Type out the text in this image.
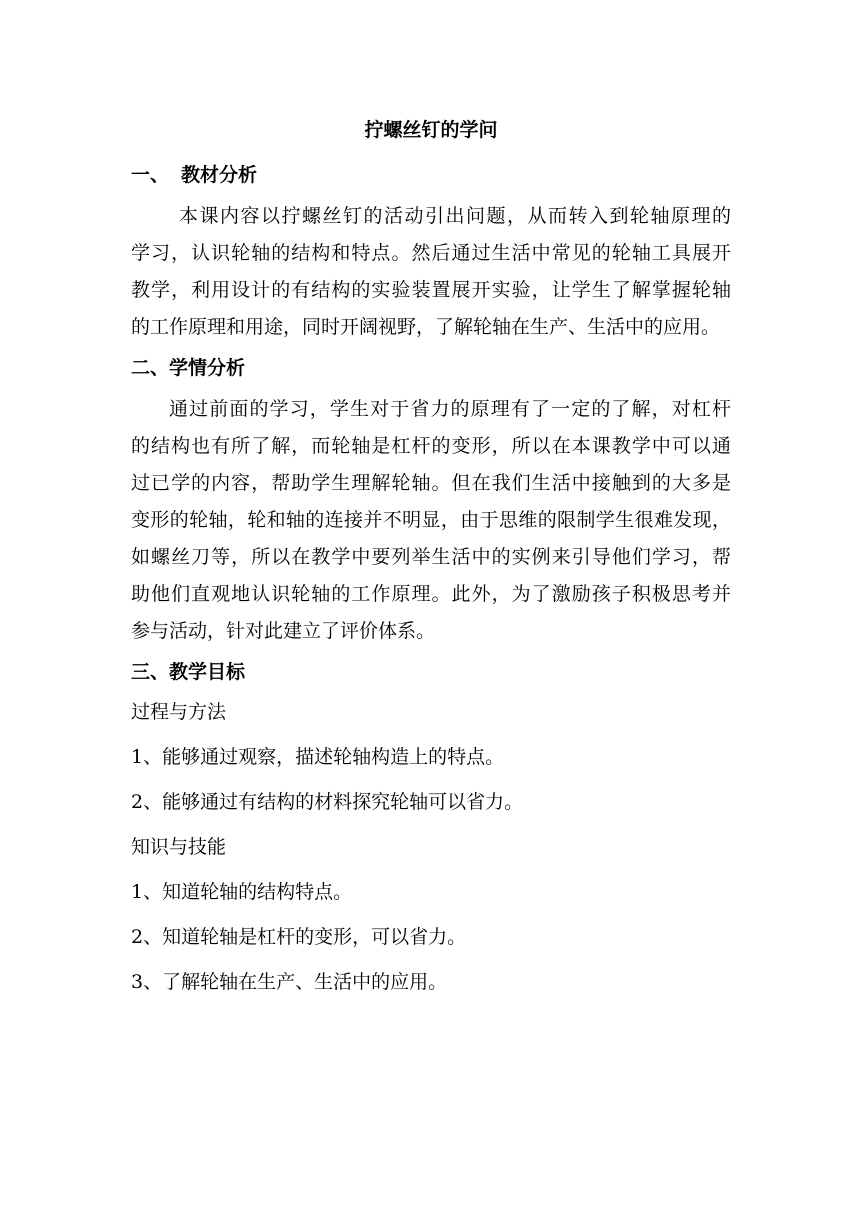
拧螺丝钉的学问
一、 教材分析
本课内容以拧螺丝钉的活动引出问题，从而转入到轮轴原理的
学习，认识轮轴的结构和特点。然后通过生活中常见的轮轴工具展开
教学，利用设计的有结构的实验装置展开实验，让学生了解掌握轮轴
的工作原理和用途，同时开阔视野，了解轮轴在生产、生活中的应用。
二、学情分析
通过前面的学习，学生对于省力的原理有了一定的了解，对杠杆
的结构也有所了解，而轮轴是杠杆的变形，所以在本课教学中可以通
过已学的内容，帮助学生理解轮轴。但在我们生活中接触到的大多是
变形的轮轴，轮和轴的连接并不明显，由于思维的限制学生很难发现，
如螺丝刀等，所以在教学中要列举生活中的实例来引导他们学习，帮
助他们直观地认识轮轴的工作原理。此外，为了激励孩子积极思考并
参与活动，针对此建立了评价体系。
三、教学目标
过程与方法
1、能够通过观察，描述轮轴构造上的特点。
2、能够通过有结构的材料探究轮轴可以省力。
知识与技能
1、知道轮轴的结构特点。
2、知道轮轴是杠杆的变形，可以省力。
3、了解轮轴在生产、生活中的应用。
